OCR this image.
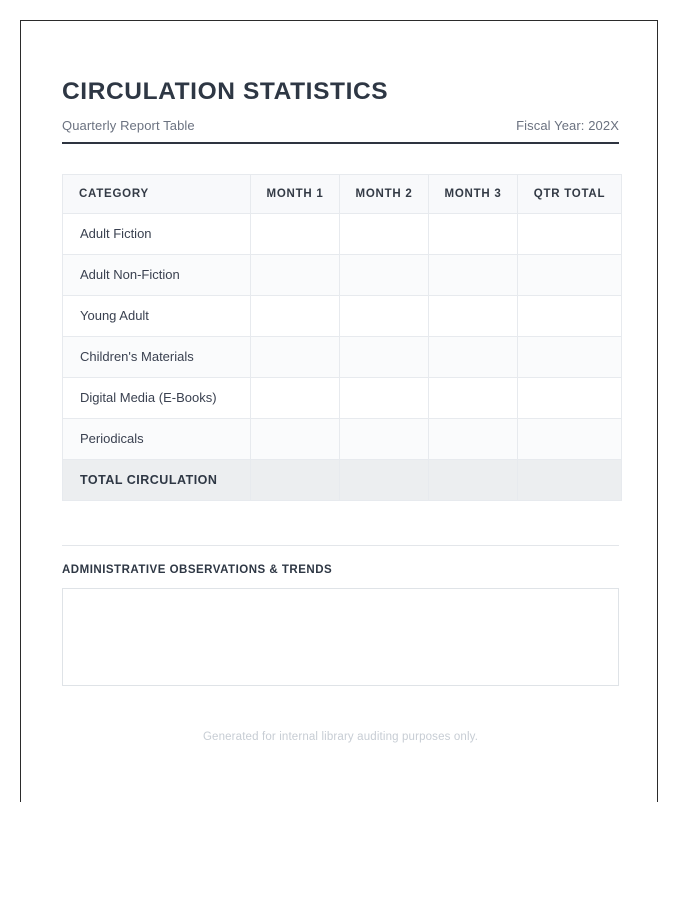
CIRCULATION STATISTICS
Quarterly Report Table	Fiscal Year: 202X
CATEGORY	MONTH 1	MONTH 2	MONTH 3	QTR TOTAL
Adult Fiction				
Adult Non-Fiction				
Young Adult				
Children's Materials				
Digital Media (E-Books)				
Periodicals				
TOTAL CIRCULATION				
ADMINISTRATIVE OBSERVATIONS & TRENDS
Generated for internal library auditing purposes only.
